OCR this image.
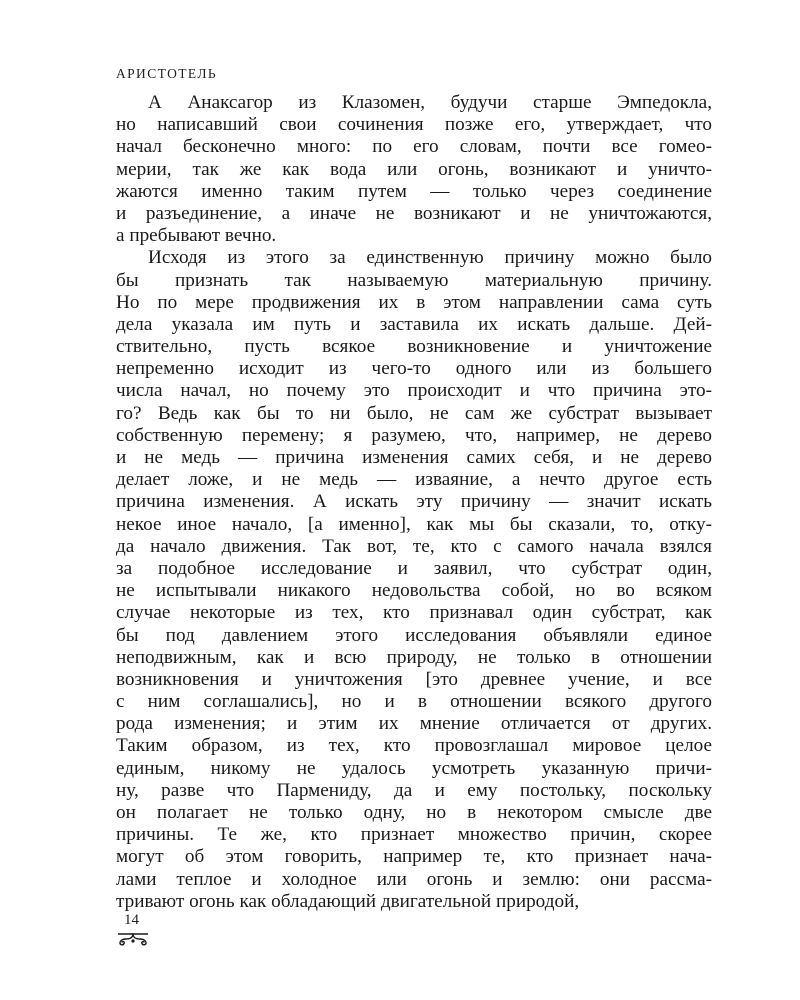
АРИСТОТЕЛЬ
А Анаксагор из Клазомен, будучи старше Эмпедокла,
но написавший свои сочинения позже его, утверждает, что
начал бесконечно много: по его словам, почти все гомео-
мерии, так же как вода или огонь, возникают и уничто-
жаются именно таким путем — только через соединение
и разъединение, а иначе не возникают и не уничтожаются,
а пребывают вечно.
Исходя из этого за единственную причину можно было
бы признать так называемую материальную причину.
Но по мере продвижения их в этом направлении сама суть
дела указала им путь и заставила их искать дальше. Дей-
ствительно, пусть всякое возникновение и уничтожение
непременно исходит из чего-то одного или из большего
числа начал, но почему это происходит и что причина это-
го? Ведь как бы то ни было, не сам же субстрат вызывает
собственную перемену; я разумею, что, например, не дерево
и не медь — причина изменения самих себя, и не дерево
делает ложе, и не медь — изваяние, а нечто другое есть
причина изменения. А искать эту причину — значит искать
некое иное начало, [а именно], как мы бы сказали, то, отку-
да начало движения. Так вот, те, кто с самого начала взялся
за подобное исследование и заявил, что субстрат один,
не испытывали никакого недовольства собой, но во всяком
случае некоторые из тех, кто признавал один субстрат, как
бы под давлением этого исследования объявляли единое
неподвижным, как и всю природу, не только в отношении
возникновения и уничтожения [это древнее учение, и все
с ним соглашались], но и в отношении всякого другого
рода изменения; и этим их мнение отличается от других.
Таким образом, из тех, кто провозглашал мировое целое
единым, никому не удалось усмотреть указанную причи-
ну, разве что Пармениду, да и ему постольку, поскольку
он полагает не только одну, но в некотором смысле две
причины. Те же, кто признает множество причин, скорее
могут об этом говорить, например те, кто признает нача-
лами теплое и холодное или огонь и землю: они рассма-
тривают огонь как обладающий двигательной природой,
14
